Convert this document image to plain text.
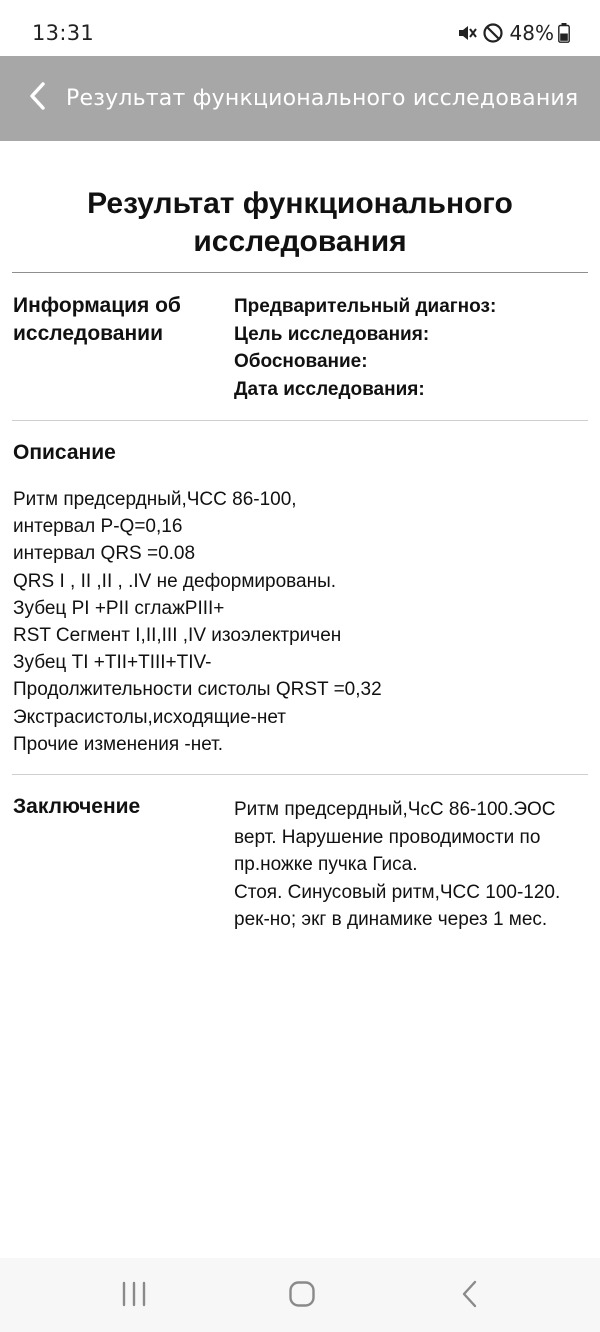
13:31	48%
Результат функционального исследования
Результат функционального
исследования
Информация об
исследовании
Предварительный диагноз:
Цель исследования:
Обоснование:
Дата исследования:
Описание
Ритм предсердный,ЧСС 86-100,
интервал P-Q=0,16
интервал QRS =0.08
QRS I , II ,II , .IV не деформированы.
Зубец PI +PII сглажPIII+
RST Сегмент I,II,III ,IV изоэлектричен
Зубец TI +TII+TIII+TIV-
Продолжительности систолы QRST =0,32
Экстрасистолы,исходящие-нет
Прочие изменения -нет.
Заключение	Ритм предсердный,ЧсС 86-100.ЭОС
верт. Нарушение проводимости по
пр.ножке пучка Гиса.
Стоя. Синусовый ритм,ЧСС 100-120.
рек-но; экг в динамике через 1 мес.
